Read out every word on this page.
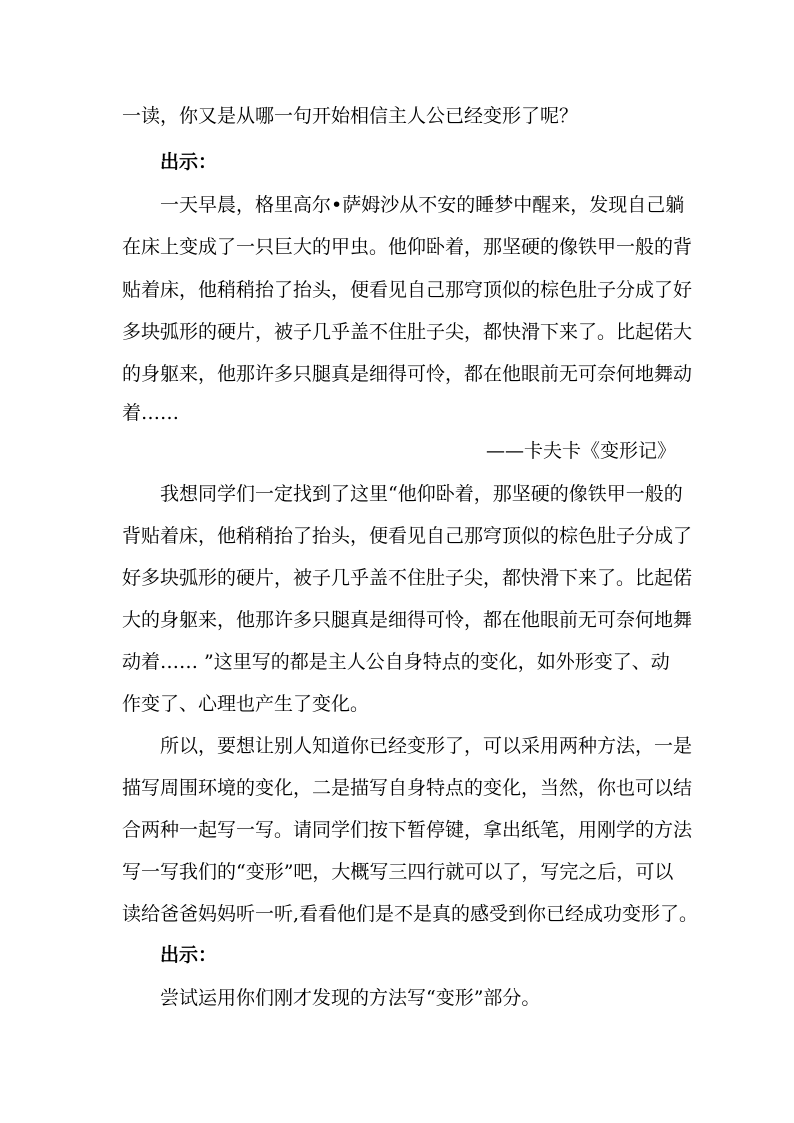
一读，你又是从哪一句开始相信主人公已经变形了呢？
出示：
一天早晨，格里高尔•萨姆沙从不安的睡梦中醒来，发现自己躺
在床上变成了一只巨大的甲虫。他仰卧着，那坚硬的像铁甲一般的背
贴着床，他稍稍抬了抬头，便看见自己那穹顶似的棕色肚子分成了好
多块弧形的硬片，被子几乎盖不住肚子尖，都快滑下来了。比起偌大
的身躯来，他那许多只腿真是细得可怜，都在他眼前无可奈何地舞动
着……
——卡夫卡《变形记》
我想同学们一定找到了这里“他仰卧着，那坚硬的像铁甲一般的
背贴着床，他稍稍抬了抬头，便看见自己那穹顶似的棕色肚子分成了
好多块弧形的硬片，被子几乎盖不住肚子尖，都快滑下来了。比起偌
大的身躯来，他那许多只腿真是细得可怜，都在他眼前无可奈何地舞
动着…… ”这里写的都是主人公自身特点的变化，如外形变了、动
作变了、心理也产生了变化。
所以，要想让别人知道你已经变形了，可以采用两种方法，一是
描写周围环境的变化，二是描写自身特点的变化，当然，你也可以结
合两种一起写一写。请同学们按下暂停键，拿出纸笔，用刚学的方法
写一写我们的“变形”吧，大概写三四行就可以了，写完之后，可以
读给爸爸妈妈听一听,看看他们是不是真的感受到你已经成功变形了。
出示：
尝试运用你们刚才发现的方法写“变形”部分。
